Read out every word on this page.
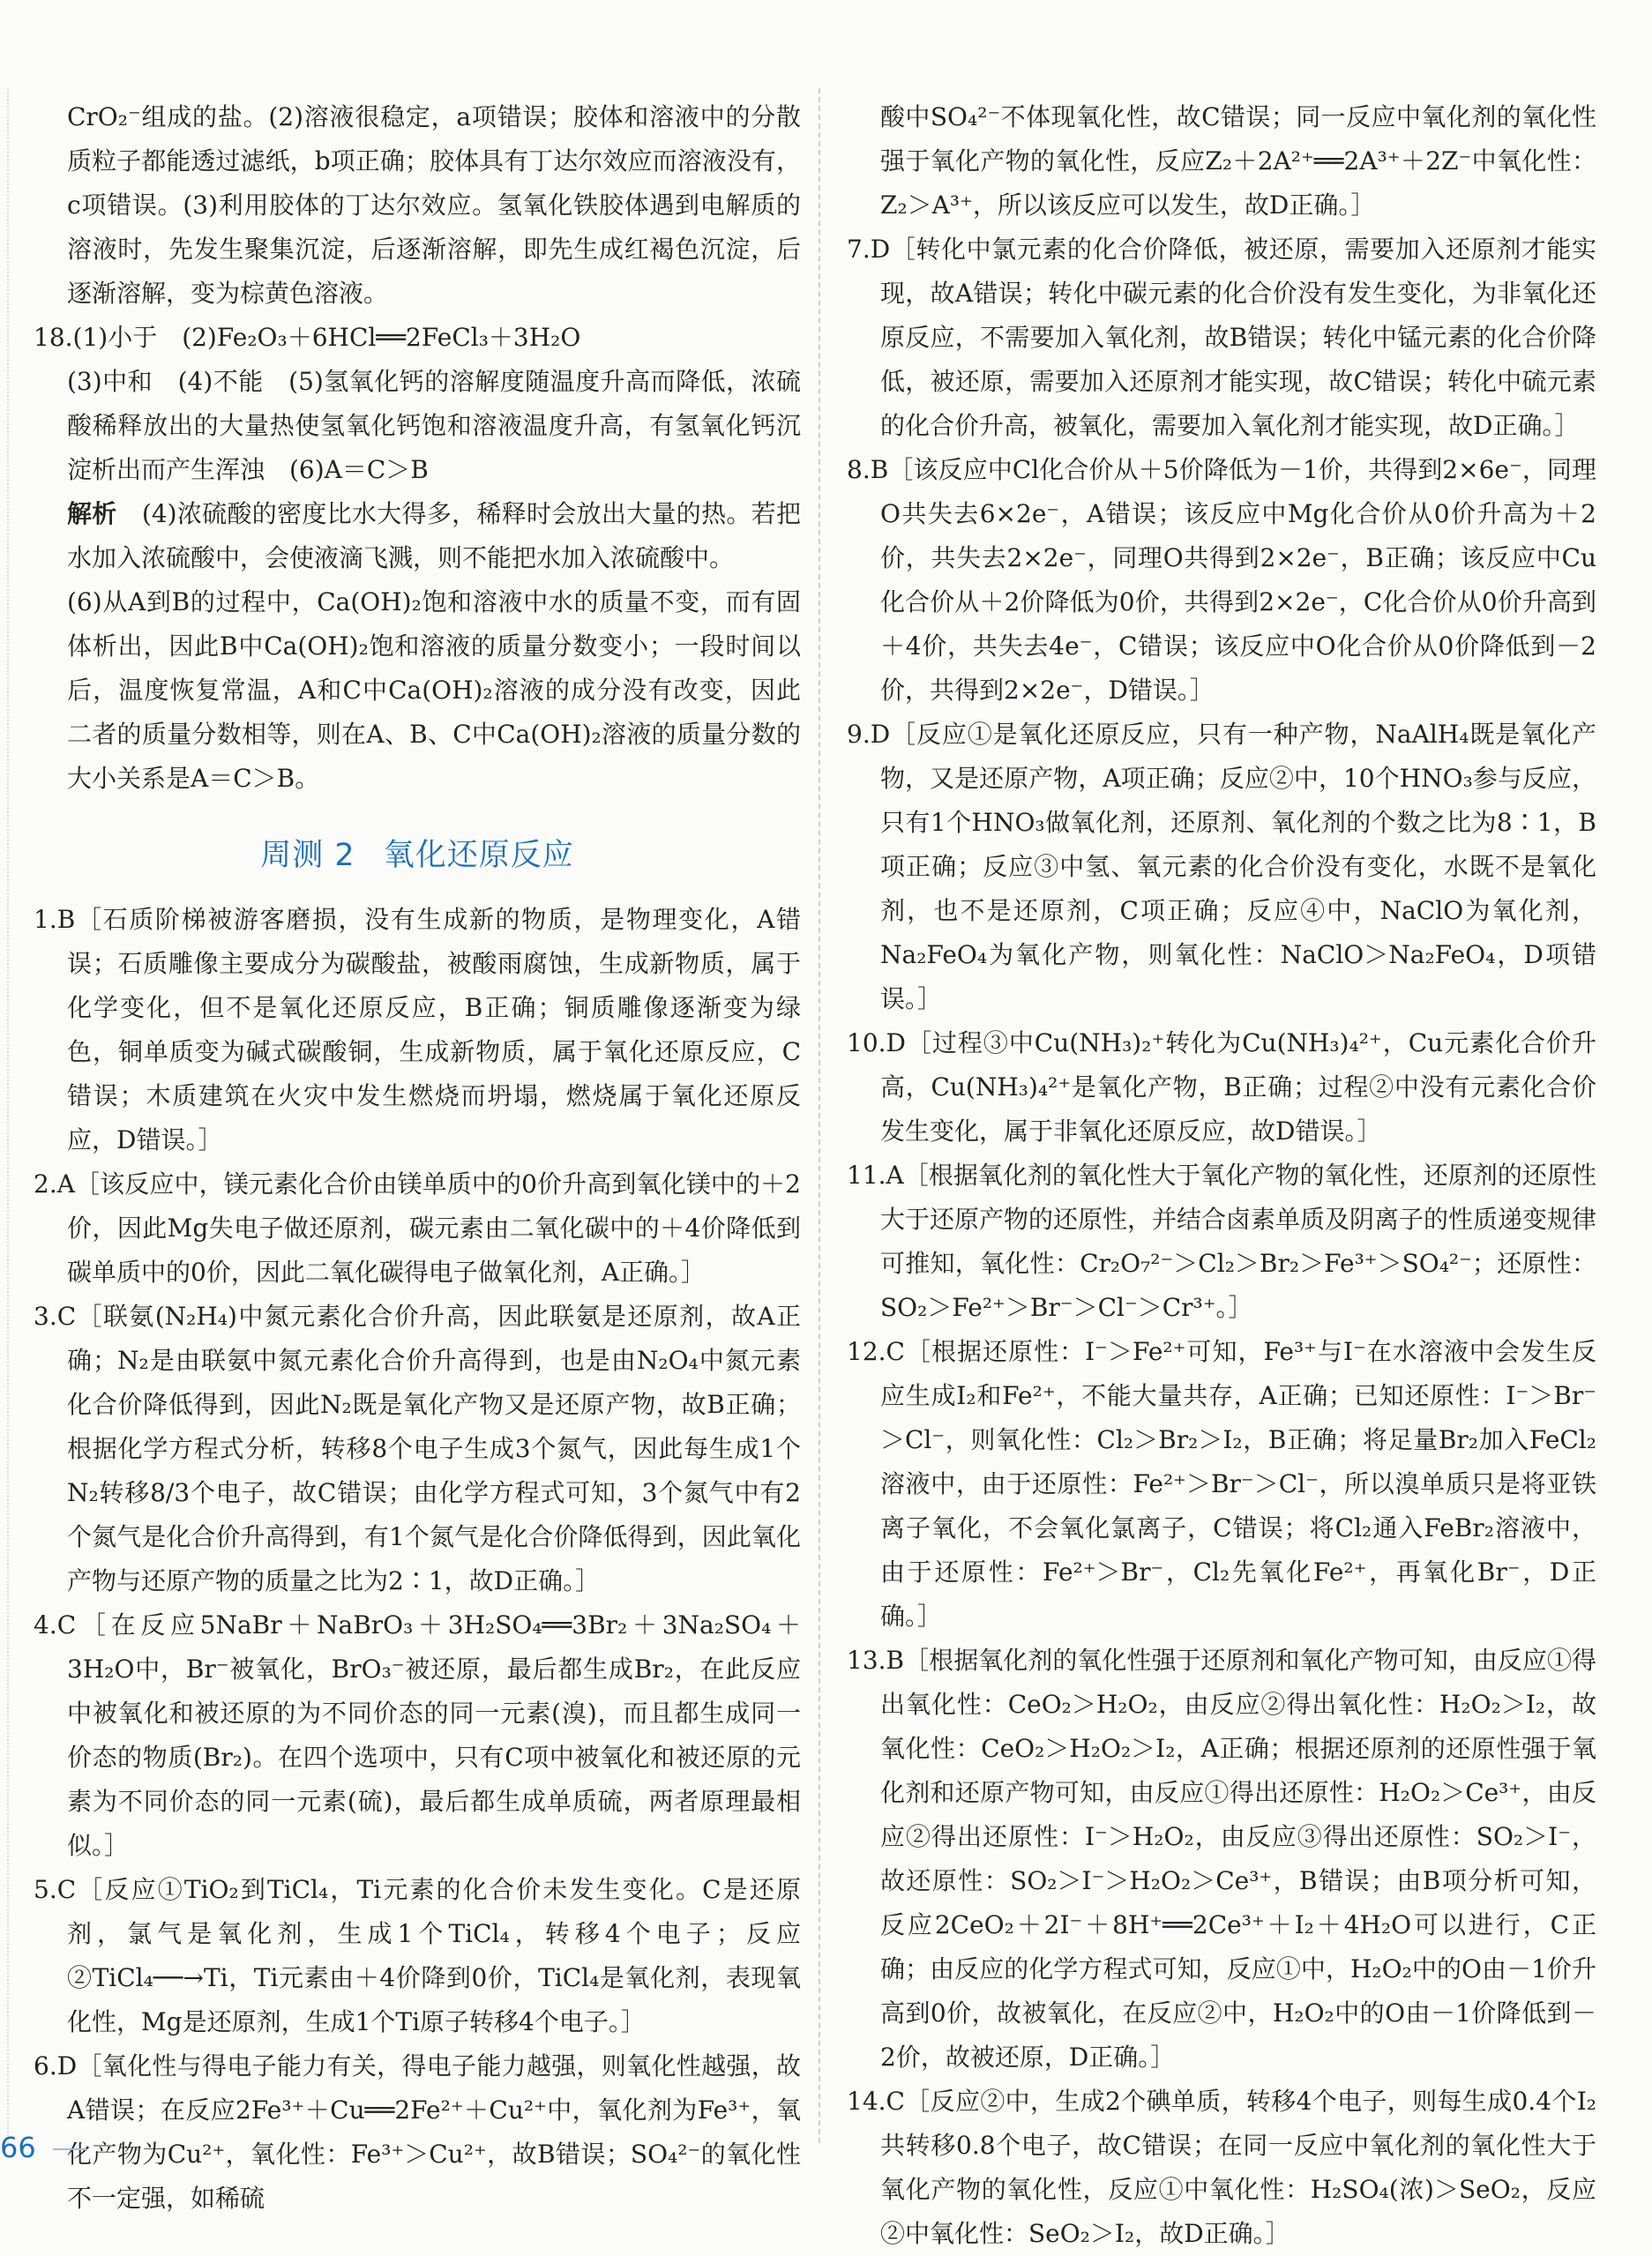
CrO₂⁻组成的盐。(2)溶液很稳定，a项错误；胶体和溶液中的分散质粒子都能透过滤纸，b项正确；胶体具有丁达尔效应而溶液没有，c项错误。(3)利用胶体的丁达尔效应。氢氧化铁胶体遇到电解质的溶液时，先发生聚集沉淀，后逐渐溶解，即先生成红褐色沉淀，后逐渐溶解，变为棕黄色溶液。

18.(1)小于　(2)Fe₂O₃＋6HCl══2FeCl₃＋3H₂O

(3)中和　(4)不能　(5)氢氧化钙的溶解度随温度升高而降低，浓硫酸稀释放出的大量热使氢氧化钙饱和溶液温度升高，有氢氧化钙沉淀析出而产生浑浊　(6)A＝C＞B

解析　 (4)浓硫酸的密度比水大得多，稀释时会放出大量的热。若把水加入浓硫酸中，会使液滴飞溅，则不能把水加入浓硫酸中。

(6)从A到B的过程中，Ca(OH)₂饱和溶液中水的质量不变，而有固体析出，因此B中Ca(OH)₂饱和溶液的质量分数变小；一段时间以后，温度恢复常温，A和C中Ca(OH)₂溶液的成分没有改变，因此二者的质量分数相等，则在A、B、C中Ca(OH)₂溶液的质量分数的大小关系是A＝C＞B。

周测 2 氧化还原反应

1.B［石质阶梯被游客磨损，没有生成新的物质，是物理变化，A错误；石质雕像主要成分为碳酸盐，被酸雨腐蚀，生成新物质，属于化学变化，但不是氧化还原反应，B正确；铜质雕像逐渐变为绿色，铜单质变为碱式碳酸铜，生成新物质，属于氧化还原反应，C错误；木质建筑在火灾中发生燃烧而坍塌，燃烧属于氧化还原反应，D错误。］

2.A［该反应中，镁元素化合价由镁单质中的0价升高到氧化镁中的＋2价，因此Mg失电子做还原剂，碳元素由二氧化碳中的＋4价降低到碳单质中的0价，因此二氧化碳得电子做氧化剂，A正确。］

3.C［联氨(N₂H₄)中氮元素化合价升高，因此联氨是还原剂，故A正确；N₂是由联氨中氮元素化合价升高得到，也是由N₂O₄中氮元素化合价降低得到，因此N₂既是氧化产物又是还原产物，故B正确；根据化学方程式分析，转移8个电子生成3个氮气，因此每生成1个N₂转移8/3个电子，故C错误；由化学方程式可知，3个氮气中有2个氮气是化合价升高得到，有1个氮气是化合价降低得到，因此氧化产物与还原产物的质量之比为2∶1，故D正确。］

4.C［在反应5NaBr＋NaBrO₃＋3H₂SO₄══3Br₂＋3Na₂SO₄＋3H₂O中，Br⁻被氧化，BrO₃⁻被还原，最后都生成Br₂，在此反应中被氧化和被还原的为不同价态的同一元素(溴)，而且都生成同一价态的物质(Br₂)。在四个选项中，只有C项中被氧化和被还原的元素为不同价态的同一元素(硫)，最后都生成单质硫，两者原理最相似。］

5.C［反应①TiO₂到TiCl₄，Ti元素的化合价未发生变化。C是还原剂，氯气是氧化剂，生成1个TiCl₄，转移4个电子；反应②TiCl₄──→Ti，Ti元素由＋4价降到0价，TiCl₄是氧化剂，表现氧化性，Mg是还原剂，生成1个Ti原子转移4个电子。］

6.D［氧化性与得电子能力有关，得电子能力越强，则氧化性越强，故A错误；在反应2Fe³⁺＋Cu══2Fe²⁺＋Cu²⁺中，氧化剂为Fe³⁺，氧化产物为Cu²⁺，氧化性：Fe³⁺＞Cu²⁺，故B错误；SO₄²⁻的氧化性不一定强，如稀硫

酸中SO₄²⁻不体现氧化性，故C错误；同一反应中氧化剂的氧化性强于氧化产物的氧化性，反应Z₂＋2A²⁺══2A³⁺＋2Z⁻中氧化性：Z₂＞A³⁺，所以该反应可以发生，故D正确。］

7.D［转化中氯元素的化合价降低，被还原，需要加入还原剂才能实现，故A错误；转化中碳元素的化合价没有发生变化，为非氧化还原反应，不需要加入氧化剂，故B错误；转化中锰元素的化合价降低，被还原，需要加入还原剂才能实现，故C错误；转化中硫元素的化合价升高，被氧化，需要加入氧化剂才能实现，故D正确。］

8.B［该反应中Cl化合价从＋5价降低为－1价，共得到2×6e⁻，同理O共失去6×2e⁻，A错误；该反应中Mg化合价从0价升高为＋2价，共失去2×2e⁻，同理O共得到2×2e⁻，B正确；该反应中Cu化合价从＋2价降低为0价，共得到2×2e⁻，C化合价从0价升高到＋4价，共失去4e⁻，C错误；该反应中O化合价从0价降低到－2价，共得到2×2e⁻，D错误。］

9.D［反应①是氧化还原反应，只有一种产物，NaAlH₄既是氧化产物，又是还原产物，A项正确；反应②中，10个HNO₃参与反应，只有1个HNO₃做氧化剂，还原剂、氧化剂的个数之比为8∶1，B项正确；反应③中氢、氧元素的化合价没有变化，水既不是氧化剂，也不是还原剂，C项正确；反应④中，NaClO为氧化剂，Na₂FeO₄为氧化产物，则氧化性：NaClO＞Na₂FeO₄，D项错误。］

10.D［过程③中Cu(NH₃)₂⁺转化为Cu(NH₃)₄²⁺，Cu元素化合价升高，Cu(NH₃)₄²⁺是氧化产物，B正确；过程②中没有元素化合价发生变化，属于非氧化还原反应，故D错误。］

11.A［根据氧化剂的氧化性大于氧化产物的氧化性，还原剂的还原性大于还原产物的还原性，并结合卤素单质及阴离子的性质递变规律可推知，氧化性：Cr₂O₇²⁻＞Cl₂＞Br₂＞Fe³⁺＞SO₄²⁻；还原性：SO₂＞Fe²⁺＞Br⁻＞Cl⁻＞Cr³⁺。］

12.C［根据还原性：I⁻＞Fe²⁺可知，Fe³⁺与I⁻在水溶液中会发生反应生成I₂和Fe²⁺，不能大量共存，A正确；已知还原性：I⁻＞Br⁻＞Cl⁻，则氧化性：Cl₂＞Br₂＞I₂，B正确；将足量Br₂加入FeCl₂溶液中，由于还原性：Fe²⁺＞Br⁻＞Cl⁻，所以溴单质只是将亚铁离子氧化，不会氧化氯离子，C错误；将Cl₂通入FeBr₂溶液中，由于还原性：Fe²⁺＞Br⁻，Cl₂先氧化Fe²⁺，再氧化Br⁻，D正确。］

13.B［根据氧化剂的氧化性强于还原剂和氧化产物可知，由反应①得出氧化性：CeO₂＞H₂O₂，由反应②得出氧化性：H₂O₂＞I₂，故氧化性：CeO₂＞H₂O₂＞I₂，A正确；根据还原剂的还原性强于氧化剂和还原产物可知，由反应①得出还原性：H₂O₂＞Ce³⁺，由反应②得出还原性：I⁻＞H₂O₂，由反应③得出还原性：SO₂＞I⁻，故还原性：SO₂＞I⁻＞H₂O₂＞Ce³⁺，B错误；由B项分析可知，反应2CeO₂＋2I⁻＋8H⁺══2Ce³⁺＋I₂＋4H₂O可以进行，C正确；由反应的化学方程式可知，反应①中，H₂O₂中的O由－1价升高到0价，故被氧化，在反应②中，H₂O₂中的O由－1价降低到－2价，故被还原，D正确。］

14.C［反应②中，生成2个碘单质，转移4个电子，则每生成0.4个I₂共转移0.8个电子，故C错误；在同一反应中氧化剂的氧化性大于氧化产物的氧化性，反应①中氧化性：H₂SO₄(浓)＞SeO₂，反应②中氧化性：SeO₂＞I₂，故D正确。］

66
